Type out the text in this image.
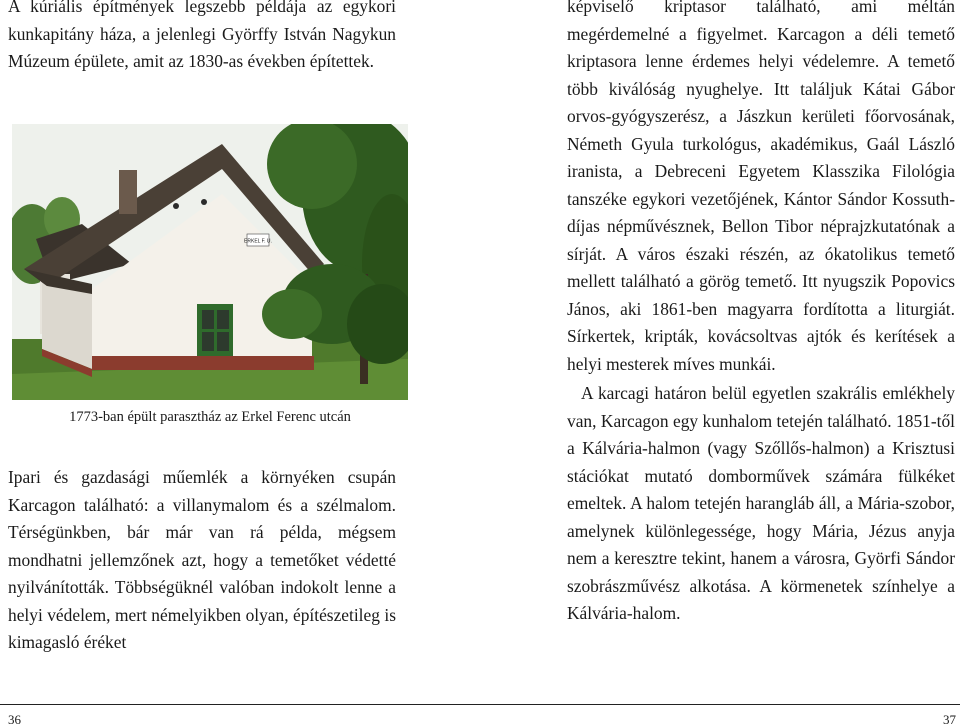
A kúriális építmények legszebb példája az egykori kunkapitány háza, a jelenlegi Györffy István Nagykun Múzeum épülete, amit az 1830-as években építettek.

ERKEL F. U.

1773-ban épült parasztház az Erkel Ferenc utcán

Ipari és gazdasági műemlék a környéken csupán Karcagon található: a villanymalom és a szélmalom. Térségünkben, bár már van rá példa, mégsem mondhatni jellemzőnek azt, hogy a temetőket védetté nyilvánították. Többségüknél valóban indokolt lenne a helyi védelem, mert némelyikben olyan, építészetileg is kimagasló éréket

képviselő kriptasor található, ami méltán megérdemelné a figyelmet. Karcagon a déli temető kriptasora lenne érdemes helyi védelemre. A temető több kiválóság nyughelye. Itt találjuk Kátai Gábor orvos-gyógyszerész, a Jászkun kerületi főorvosának, Németh Gyula turkológus, akadémikus, Gaál László iranista, a Debreceni Egyetem Klasszika Filológia tanszéke egykori vezetőjének, Kántor Sándor Kossuth-díjas népművésznek, Bellon Tibor néprajzkutatónak a sírját. A város északi részén, az ókatolikus temető mellett található a görög temető. Itt nyugszik Popovics János, aki 1861-ben magyarra fordította a liturgiát. Sírkertek, kripták, kovácsoltvas ajtók és kerítések a helyi mesterek míves munkái.

A karcagi határon belül egyetlen szakrális emlékhely van, Karcagon egy kunhalom tetején található. 1851-től a Kálvária-halmon (vagy Szőllős-halmon) a Krisztusi stációkat mutató domborművek számára fülkéket emeltek. A halom tetején harangláb áll, a Mária-szobor, amelynek különlegessége, hogy Mária, Jézus anyja nem a keresztre tekint, hanem a városra, Györfi Sándor szobrászművész alkotása. A körmenetek színhelye a Kálvária-halom.

36	37
